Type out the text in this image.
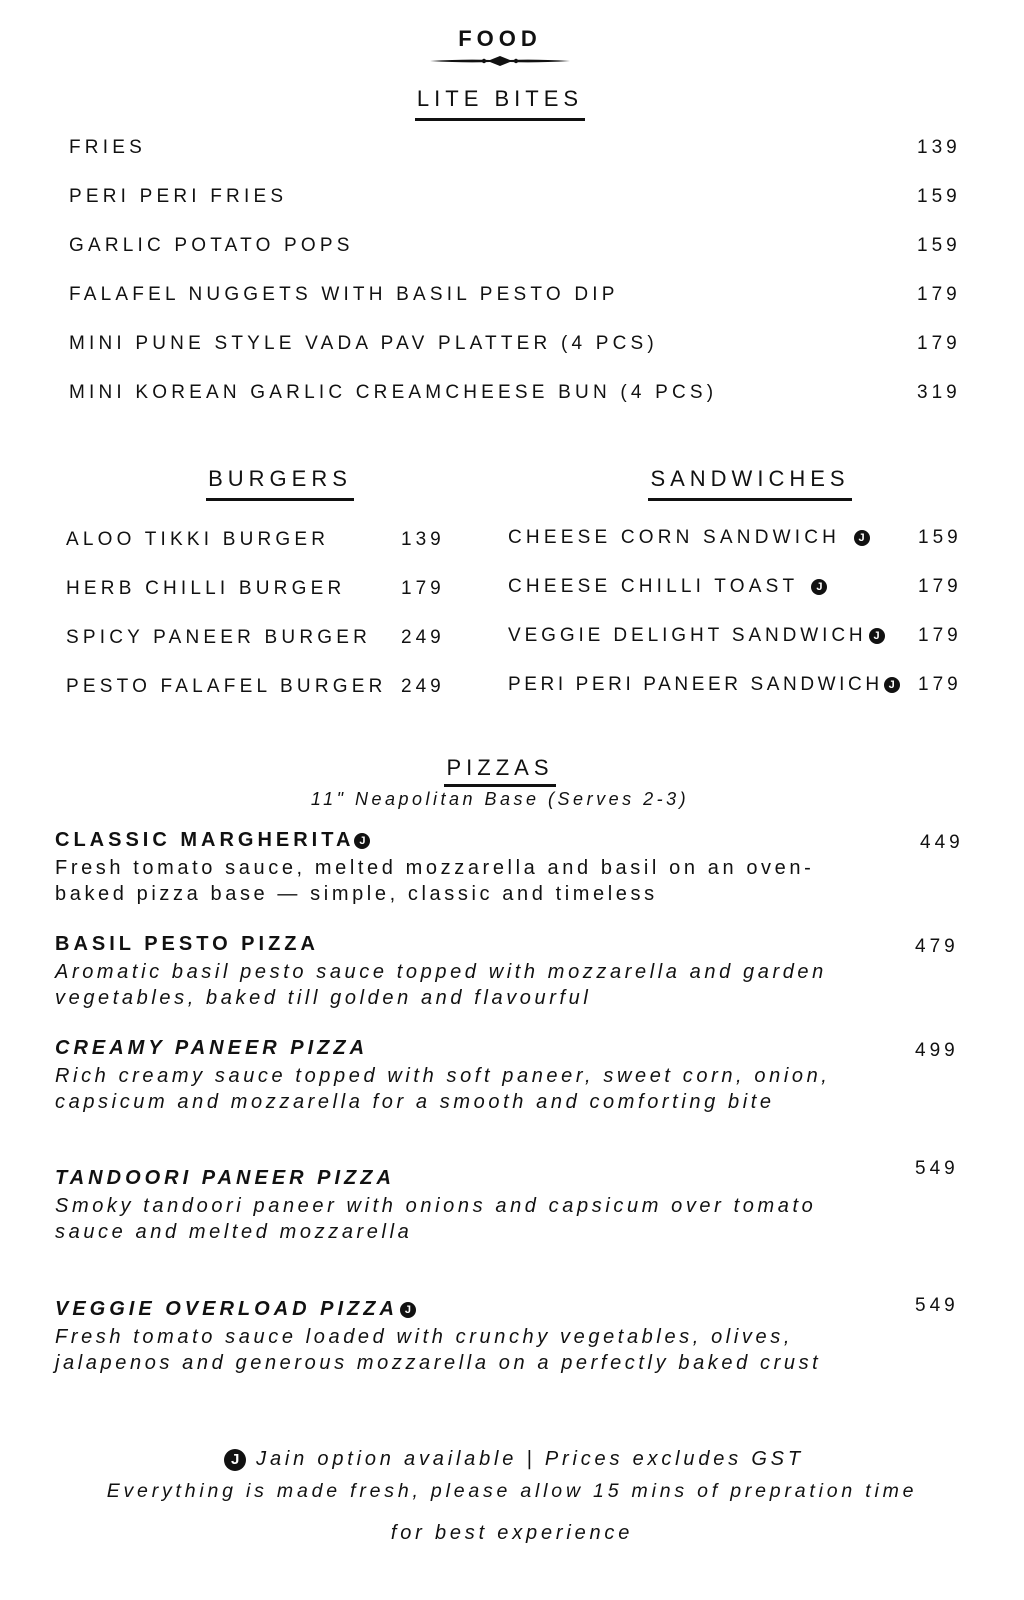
FOOD
LITE BITES
FRIES	139
PERI PERI FRIES	159
GARLIC POTATO POPS	159
FALAFEL NUGGETS WITH BASIL PESTO DIP	179
MINI PUNE STYLE VADA PAV PLATTER (4 PCS)	179
MINI KOREAN GARLIC CREAMCHEESE BUN (4 PCS)	319
BURGERS
ALOO TIKKI BURGER	139
HERB CHILLI BURGER	179
SPICY PANEER BURGER 249
PESTO FALAFEL BURGER 249
SANDWICHES
CHEESE CORN SANDWICH J	159
CHEESE CHILLI TOAST J	179
VEGGIE DELIGHT SANDWICH J 179
PERI PERI PANEER SANDWICH J 179
PIZZAS
11" Neapolitan Base (Serves 2-3)
CLASSIC MARGHERITA J	449
Fresh tomato sauce, melted mozzarella and basil on an oven-baked pizza base — simple, classic and timeless
BASIL PESTO PIZZA	479
Aromatic basil pesto sauce topped with mozzarella and garden vegetables, baked till golden and flavourful
CREAMY PANEER PIZZA	499
Rich creamy sauce topped with soft paneer, sweet corn, onion, capsicum and mozzarella for a smooth and comforting bite
TANDOORI PANEER PIZZA	549
Smoky tandoori paneer with onions and capsicum over tomato sauce and melted mozzarella
VEGGIE OVERLOAD PIZZA J	549
Fresh tomato sauce loaded with crunchy vegetables, olives, jalapenos and generous mozzarella on a perfectly baked crust
J Jain option available | Prices excludes GST
Everything is made fresh, please allow 15 mins of prepration time
for best experience
